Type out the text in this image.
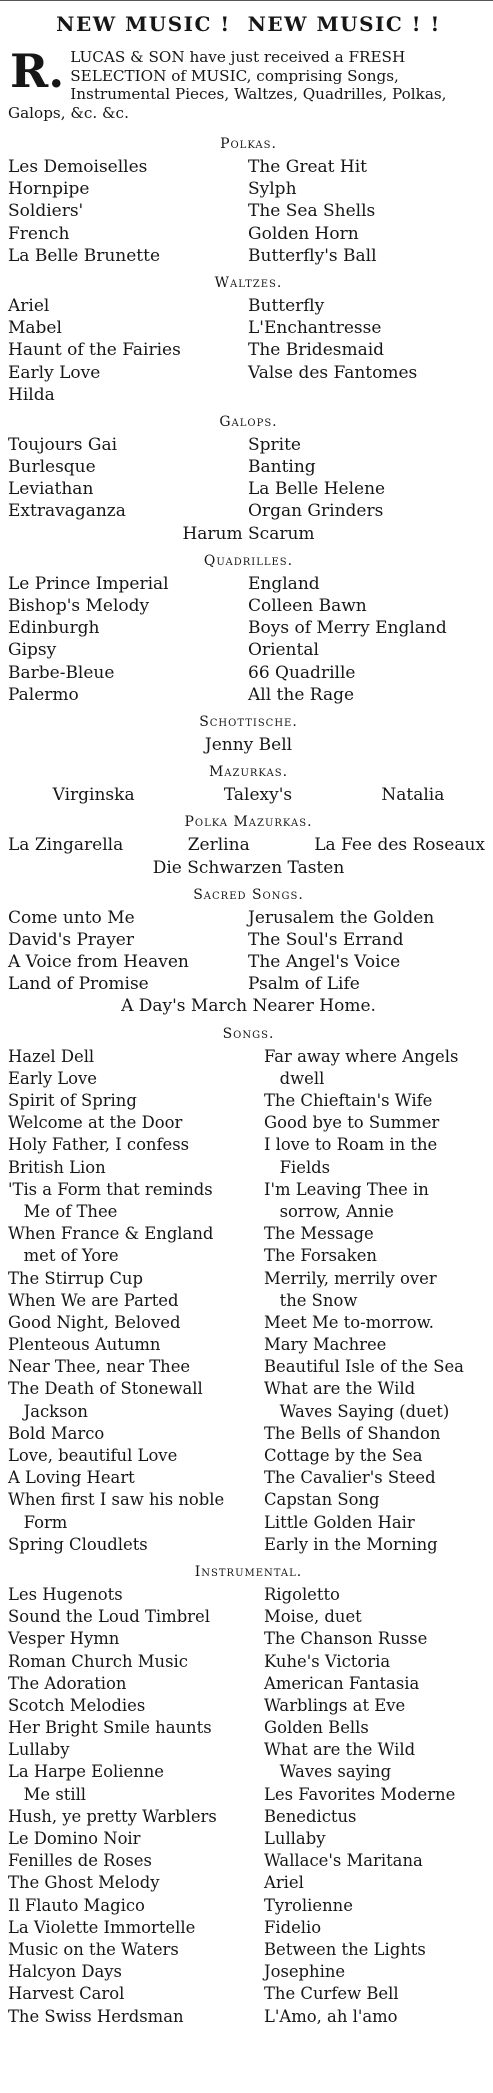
NEW MUSIC !  NEW MUSIC ! !
R. LUCAS & SON have just received a FRESH SELECTION of MUSIC, comprising Songs, Instrumental Pieces, Waltzes, Quadrilles, Polkas, Galops, &c. &c.
Polkas.
Les Demoiselles	The Great Hit
Hornpipe	Sylph
Soldiers'	The Sea Shells
French	Golden Horn
La Belle Brunette	Butterfly's Ball
Waltzes.
Ariel	Butterfly
Mabel	L'Enchantresse
Haunt of the Fairies	The Bridesmaid
Early Love	Valse des Fantomes
Hilda
Galops.
Toujours Gai	Sprite
Burlesque	Banting
Leviathan	La Belle Helene
Extravaganza	Organ Grinders
Harum Scarum
Quadrilles.
Le Prince Imperial	England
Bishop's Melody	Colleen Bawn
Edinburgh	Boys of Merry England
Gipsy	Oriental
Barbe-Bleue	66 Quadrille
Palermo	All the Rage
Schottische.
Jenny Bell
Mazurkas.
Virginska	Talexy's	Natalia
Polka Mazurkas.
La Zingarella	Zerlina	La Fee des Roseaux
Die Schwarzen Tasten
Sacred Songs.
Come unto Me	Jerusalem the Golden
David's Prayer	The Soul's Errand
A Voice from Heaven	The Angel's Voice
Land of Promise	Psalm of Life
A Day's March Nearer Home.
Songs.
Hazel Dell	Far away where Angels
Early Love	dwell
Spirit of Spring	The Chieftain's Wife
Welcome at the Door	Good bye to Summer
Holy Father, I confess	I love to Roam in the
British Lion	Fields
'Tis a Form that reminds	I'm Leaving Thee in
Me of Thee	sorrow, Annie
When France & England	The Message
met of Yore	The Forsaken
The Stirrup Cup	Merrily, merrily over
When We are Parted	the Snow
Good Night, Beloved	Meet Me to-morrow.
Plenteous Autumn	Mary Machree
Near Thee, near Thee	Beautiful Isle of the Sea
The Death of Stonewall	What are the Wild
Jackson	Waves Saying (duet)
Bold Marco	The Bells of Shandon
Love, beautiful Love	Cottage by the Sea
A Loving Heart	The Cavalier's Steed
When first I saw his noble	Capstan Song
Form	Little Golden Hair
Spring Cloudlets	Early in the Morning
Instrumental.
Les Hugenots	Rigoletto
Sound the Loud Timbrel	Moise, duet
Vesper Hymn	The Chanson Russe
Roman Church Music	Kuhe's Victoria
The Adoration	American Fantasia
Scotch Melodies	Warblings at Eve
Her Bright Smile haunts	Golden Bells
Lullaby	What are the Wild
La Harpe Eolienne	Waves saying
Me still	Les Favorites Moderne
Hush, ye pretty Warblers	Benedictus
Le Domino Noir	Lullaby
Fenilles de Roses	Wallace's Maritana
The Ghost Melody	Ariel
Il Flauto Magico	Tyrolienne
La Violette Immortelle	Fidelio
Music on the Waters	Between the Lights
Halcyon Days	Josephine
Harvest Carol	The Curfew Bell
The Swiss Herdsman	L'Amo, ah l'amo
